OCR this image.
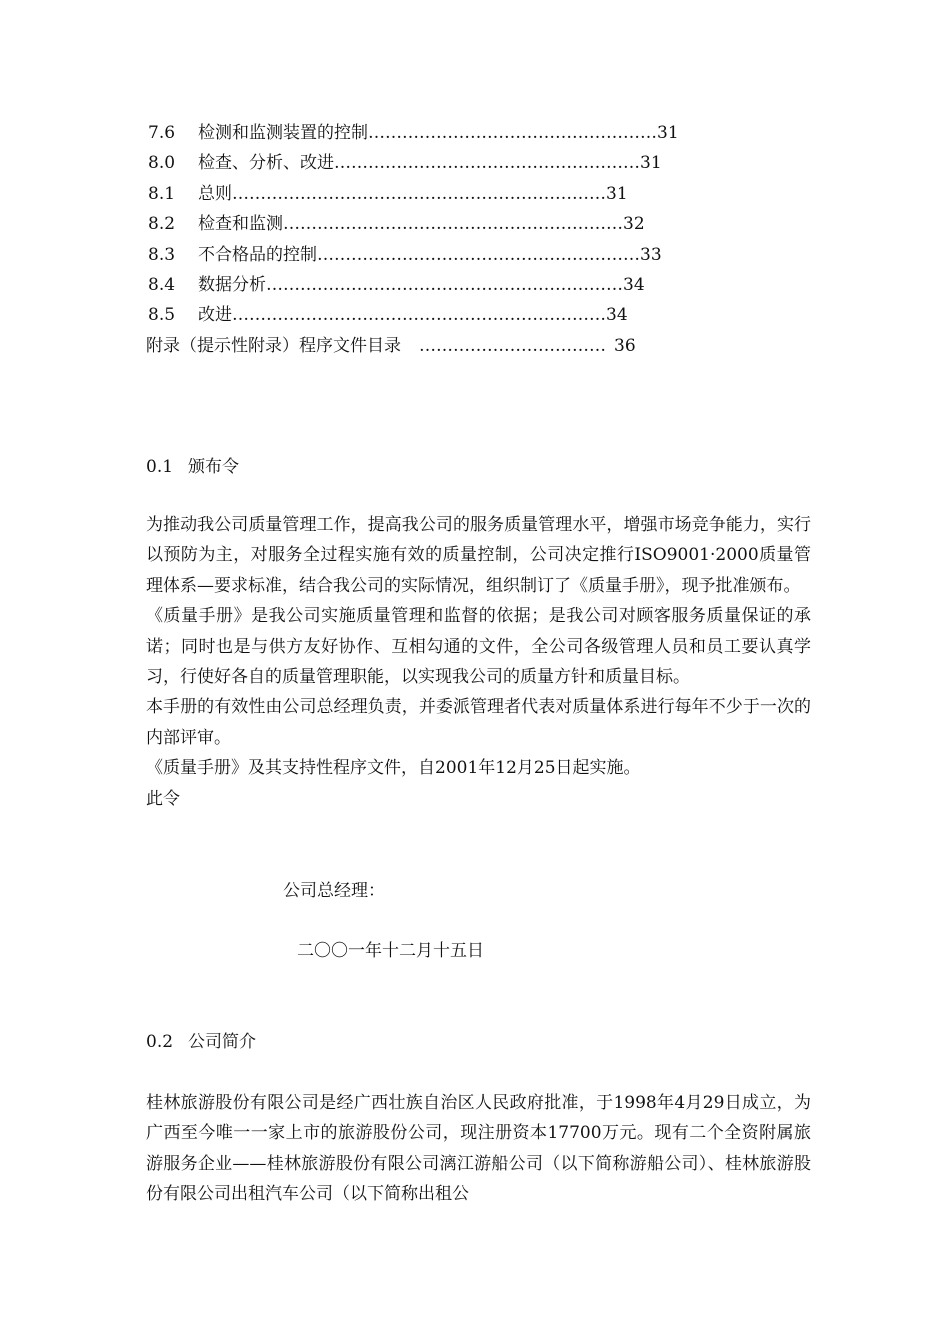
7.6	检测和监测装置的控制 …………………………………………… 31
8.0	检查、分析、改进 ……………………………………………… 31
8.1	总则 ………………………………………………………… 31
8.2	检查和监测 …………………………………………………… 32
8.3	不合格品的控制 ………………………………………………… 33
8.4	数据分析 ……………………………………………………… 34
8.5	改进 ………………………………………………………… 34
附录（提示性附录）程序文件目录	…………………………… 36
0.1 颁布令

为推动我公司质量管理工作，提高我公司的服务质量管理水平，增强市场竞争能力，实行以预防为主，对服务全过程实施有效的质量控制，公司决定推行ISO9001·2000质量管理体系—要求标准，结合我公司的实际情况，组织制订了《质量手册》，现予批准颁布。

《质量手册》是我公司实施质量管理和监督的依据；是我公司对顾客服务质量保证的承诺；同时也是与供方友好协作、互相勾通的文件，全公司各级管理人员和员工要认真学习，行使好各自的质量管理职能，以实现我公司的质量方针和质量目标。

本手册的有效性由公司总经理负责，并委派管理者代表对质量体系进行每年不少于一次的内部评审。

《质量手册》及其支持性程序文件，自2001年12月25日起实施。

此令

公司总经理：
二〇〇一年十二月十五日
0.2 公司简介

桂林旅游股份有限公司是经广西壮族自治区人民政府批准，于1998年4月29日成立，为广西至今唯一一家上市的旅游股份公司，现注册资本17700万元。现有二个全资附属旅游服务企业——桂林旅游股份有限公司漓江游船公司（以下简称游船公司）、桂林旅游股份有限公司出租汽车公司（以下简称出租公
